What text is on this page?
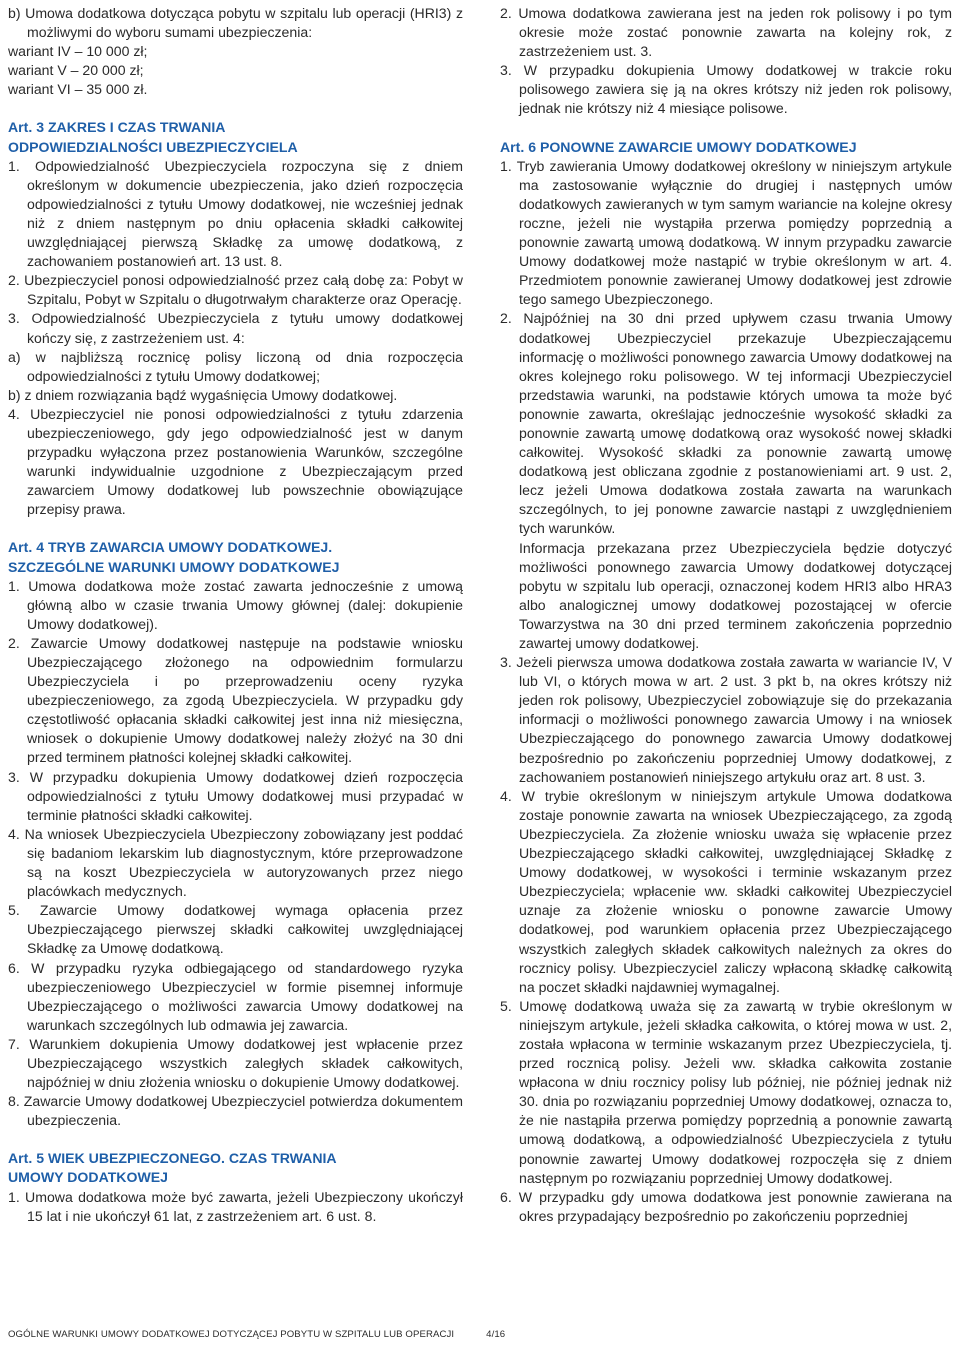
b) Umowa dodatkowa dotycząca pobytu w szpitalu lub operacji (HRI3) z możliwymi do wyboru sumami ubezpieczenia:

wariant IV – 10 000 zł;

wariant V – 20 000 zł;

wariant VI – 35 000 zł.

Art. 3 ZAKRES I CZAS TRWANIA

ODPOWIEDZIALNOŚCI UBEZPIECZYCIELA

1. Odpowiedzialność Ubezpieczyciela rozpoczyna się z dniem określonym w dokumencie ubezpieczenia, jako dzień rozpoczęcia odpowiedzialności z tytułu Umowy dodatkowej, nie wcześniej jednak niż z dniem następnym po dniu opłacenia składki całkowitej uwzględniającej pierwszą Składkę za umowę dodatkową, z zachowaniem postanowień art. 13 ust. 8.

2. Ubezpieczyciel ponosi odpowiedzialność przez całą dobę za: Pobyt w Szpitalu, Pobyt w Szpitalu o długotrwałym charakterze oraz Operację.

3. Odpowiedzialność Ubezpieczyciela z tytułu umowy dodatkowej kończy się, z zastrzeżeniem ust. 4:

a) w najbliższą rocznicę polisy liczoną od dnia rozpoczęcia odpowiedzialności z tytułu Umowy dodatkowej;

b) z dniem rozwiązania bądź wygaśnięcia Umowy dodatkowej.

4. Ubezpieczyciel nie ponosi odpowiedzialności z tytułu zdarzenia ubezpieczeniowego, gdy jego odpowiedzialność jest w danym przypadku wyłączona przez postanowienia Warunków, szczególne warunki indywidualnie uzgodnione z Ubezpieczającym przed zawarciem Umowy dodatkowej lub powszechnie obowiązujące przepisy prawa.

Art. 4 TRYB ZAWARCIA UMOWY DODATKOWEJ.

SZCZEGÓLNE WARUNKI UMOWY DODATKOWEJ

1. Umowa dodatkowa może zostać zawarta jednocześnie z umową główną albo w czasie trwania Umowy głównej (dalej: dokupienie Umowy dodatkowej).

2. Zawarcie Umowy dodatkowej następuje na podstawie wniosku Ubezpieczającego złożonego na odpowiednim formularzu Ubezpieczyciela i po przeprowadzeniu oceny ryzyka ubezpieczeniowego, za zgodą Ubezpieczyciela. W przypadku gdy częstotliwość opłacania składki całkowitej jest inna niż miesięczna, wniosek o dokupienie Umowy dodatkowej należy złożyć na 30 dni przed terminem płatności kolejnej składki całkowitej.

3. W przypadku dokupienia Umowy dodatkowej dzień rozpoczęcia odpowiedzialności z tytułu Umowy dodatkowej musi przypadać w terminie płatności składki całkowitej.

4. Na wniosek Ubezpieczyciela Ubezpieczony zobowiązany jest poddać się badaniom lekarskim lub diagnostycznym, które przeprowadzone są na koszt Ubezpieczyciela w autoryzowanych przez niego placówkach medycznych.

5. Zawarcie Umowy dodatkowej wymaga opłacenia przez Ubezpieczającego pierwszej składki całkowitej uwzględniającej Składkę za Umowę dodatkową.

6. W przypadku ryzyka odbiegającego od standardowego ryzyka ubezpieczeniowego Ubezpieczyciel w formie pisemnej informuje Ubezpieczającego o możliwości zawarcia Umowy dodatkowej na warunkach szczególnych lub odmawia jej zawarcia.

7. Warunkiem dokupienia Umowy dodatkowej jest wpłacenie przez Ubezpieczającego wszystkich zaległych składek całkowitych, najpóźniej w dniu złożenia wniosku o dokupienie Umowy dodatkowej.

8. Zawarcie Umowy dodatkowej Ubezpieczyciel potwierdza dokumentem ubezpieczenia.

Art. 5 WIEK UBEZPIECZONEGO. CZAS TRWANIA

UMOWY DODATKOWEJ

1. Umowa dodatkowa może być zawarta, jeżeli Ubezpieczony ukończył 15 lat i nie ukończył 61 lat, z zastrzeżeniem art. 6 ust. 8.

2. Umowa dodatkowa zawierana jest na jeden rok polisowy i po tym okresie może zostać ponownie zawarta na kolejny rok, z zastrzeżeniem ust. 3.

3. W przypadku dokupienia Umowy dodatkowej w trakcie roku polisowego zawiera się ją na okres krótszy niż jeden rok polisowy, jednak nie krótszy niż 4 miesiące polisowe.

Art. 6 PONOWNE ZAWARCIE UMOWY DODATKOWEJ

1. Tryb zawierania Umowy dodatkowej określony w niniejszym artykule ma zastosowanie wyłącznie do drugiej i następnych umów dodatkowych zawieranych w tym samym wariancie na kolejne okresy roczne, jeżeli nie wystąpiła przerwa pomiędzy poprzednią a ponownie zawartą umową dodatkową. W innym przypadku zawarcie Umowy dodatkowej może nastąpić w trybie określonym w art. 4. Przedmiotem ponownie zawieranej Umowy dodatkowej jest zdrowie tego samego Ubezpieczonego.

2. Najpóźniej na 30 dni przed upływem czasu trwania Umowy dodatkowej Ubezpieczyciel przekazuje Ubezpieczającemu informację o możliwości ponownego zawarcia Umowy dodatkowej na okres kolejnego roku polisowego. W tej informacji Ubezpieczyciel przedstawia warunki, na podstawie których umowa ta może być ponownie zawarta, określając jednocześnie wysokość składki za ponownie zawartą umowę dodatkową oraz wysokość nowej składki całkowitej. Wysokość składki za ponownie zawartą umowę dodatkową jest obliczana zgodnie z postanowieniami art. 9 ust. 2, lecz jeżeli Umowa dodatkowa została zawarta na warunkach szczególnych, to jej ponowne zawarcie nastąpi z uwzględnieniem tych warunków.

Informacja przekazana przez Ubezpieczyciela będzie dotyczyć możliwości ponownego zawarcia Umowy dodatkowej dotyczącej pobytu w szpitalu lub operacji, oznaczonej kodem HRI3 albo HRA3 albo analogicznej umowy dodatkowej pozostającej w ofercie Towarzystwa na 30 dni przed terminem zakończenia poprzednio zawartej umowy dodatkowej.

3. Jeżeli pierwsza umowa dodatkowa została zawarta w wariancie IV, V lub VI, o których mowa w art. 2 ust. 3 pkt b, na okres krótszy niż jeden rok polisowy, Ubezpieczyciel zobowiązuje się do przekazania informacji o możliwości ponownego zawarcia Umowy i na wniosek Ubezpieczającego do ponownego zawarcia Umowy dodatkowej bezpośrednio po zakończeniu poprzedniej Umowy dodatkowej, z zachowaniem postanowień niniejszego artykułu oraz art. 8 ust. 3.

4. W trybie określonym w niniejszym artykule Umowa dodatkowa zostaje ponownie zawarta na wniosek Ubezpieczającego, za zgodą Ubezpieczyciela. Za złożenie wniosku uważa się wpłacenie przez Ubezpieczającego składki całkowitej, uwzględniającej Składkę z Umowy dodatkowej, w wysokości i terminie wskazanym przez Ubezpieczyciela; wpłacenie ww. składki całkowitej Ubezpieczyciel uznaje za złożenie wniosku o ponowne zawarcie Umowy dodatkowej, pod warunkiem opłacenia przez Ubezpieczającego wszystkich zaległych składek całkowitych należnych za okres do rocznicy polisy. Ubezpieczyciel zaliczy wpłaconą składkę całkowitą na poczet składki najdawniej wymagalnej.

5. Umowę dodatkową uważa się za zawartą w trybie określonym w niniejszym artykule, jeżeli składka całkowita, o której mowa w ust. 2, została wpłacona w terminie wskazanym przez Ubezpieczyciela, tj. przed rocznicą polisy. Jeżeli ww. składka całkowita zostanie wpłacona w dniu rocznicy polisy lub później, nie później jednak niż 30. dnia po rozwiązaniu poprzedniej Umowy dodatkowej, oznacza to, że nie nastąpiła przerwa pomiędzy poprzednią a ponownie zawartą umową dodatkową, a odpowiedzialność Ubezpieczyciela z tytułu ponownie zawartej Umowy dodatkowej rozpoczęła się z dniem następnym po rozwiązaniu poprzedniej Umowy dodatkowej.

6. W przypadku gdy umowa dodatkowa jest ponownie zawierana na okres przypadający bezpośrednio po zakończeniu poprzedniej

OGÓLNE WARUNKI UMOWY DODATKOWEJ DOTYCZĄCEJ POBYTU W SZPITALU LUB OPERACJI	4/16
